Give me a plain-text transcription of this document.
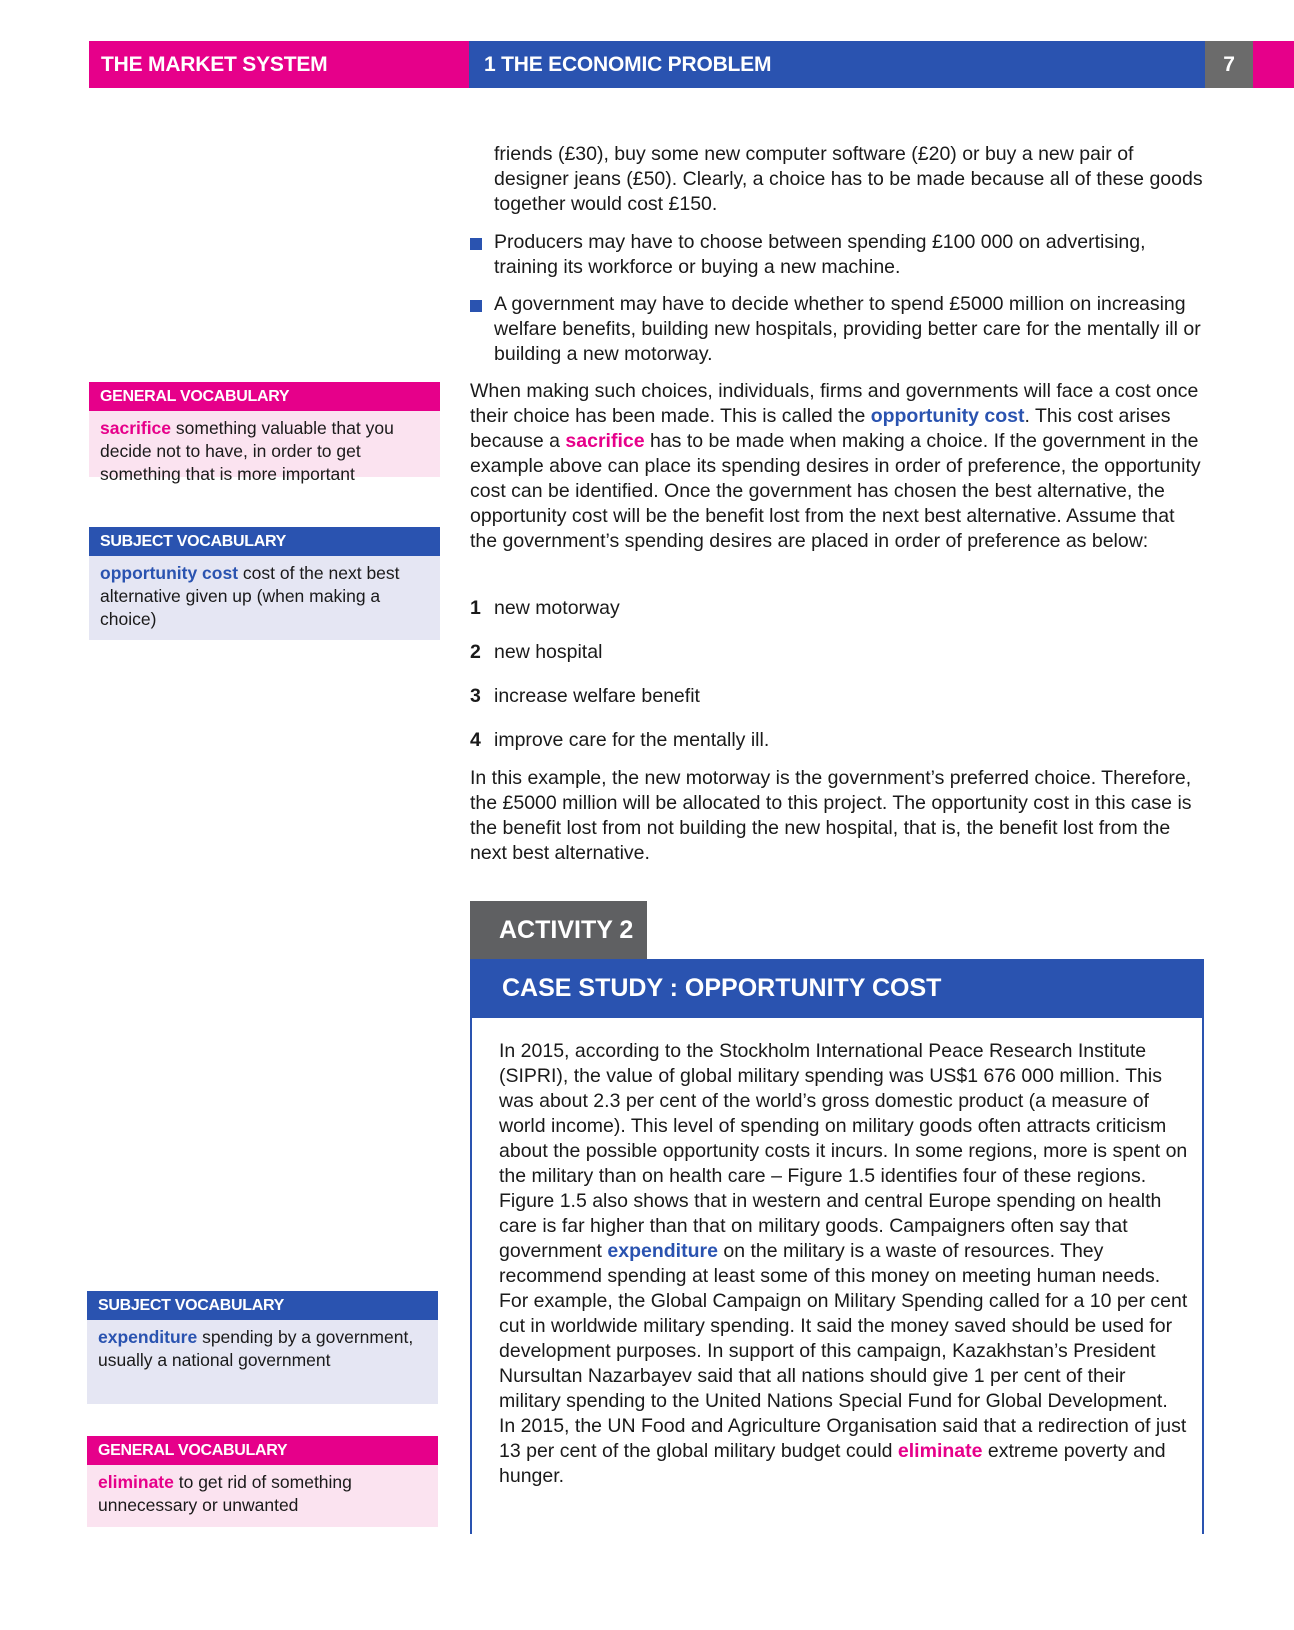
THE MARKET SYSTEM	1 THE ECONOMIC PROBLEM	7

friends (£30), buy some new computer software (£20) or buy a new pair of designer jeans (£50). Clearly, a choice has to be made because all of these goods together would cost £150.

Producers may have to choose between spending £100 000 on advertising, training its workforce or buying a new machine.
A government may have to decide whether to spend £5000 million on increasing welfare benefits, building new hospitals, providing better care for the mentally ill or building a new motorway.

When making such choices, individuals, firms and governments will face a cost once their choice has been made. This is called the opportunity cost. This cost arises because a sacrifice has to be made when making a choice. If the government in the example above can place its spending desires in order of preference, the opportunity cost can be identified. Once the government has chosen the best alternative, the opportunity cost will be the benefit lost from the next best alternative. Assume that the government’s spending desires are placed in order of preference as below:

1 new motorway
2 new hospital
3 increase welfare benefit
4 improve care for the mentally ill.

In this example, the new motorway is the government’s preferred choice. Therefore, the £5000 million will be allocated to this project. The opportunity cost in this case is the benefit lost from not building the new hospital, that is, the benefit lost from the next best alternative.

ACTIVITY 2
CASE STUDY : OPPORTUNITY COST
In 2015, according to the Stockholm International Peace Research Institute (SIPRI), the value of global military spending was US$1 676 000 million. This was about 2.3 per cent of the world’s gross domestic product (a measure of world income). This level of spending on military goods often attracts criticism about the possible opportunity costs it incurs. In some regions, more is spent on the military than on health care – Figure 1.5 identifies four of these regions. Figure 1.5 also shows that in western and central Europe spending on health care is far higher than that on military goods. Campaigners often say that government expenditure on the military is a waste of resources. They recommend spending at least some of this money on meeting human needs. For example, the Global Campaign on Military Spending called for a 10 per cent cut in worldwide military spending. It said the money saved should be used for development purposes. In support of this campaign, Kazakhstan’s President Nursultan Nazarbayev said that all nations should give 1 per cent of their military spending to the United Nations Special Fund for Global Development. In 2015, the UN Food and Agriculture Organisation said that a redirection of just 13 per cent of the global military budget could eliminate extreme poverty and hunger.
GENERAL VOCABULARY
sacrifice something valuable that you decide not to have, in order to get something that is more important
SUBJECT VOCABULARY
opportunity cost cost of the next best alternative given up (when making a choice)
SUBJECT VOCABULARY
expenditure spending by a government, usually a national government
GENERAL VOCABULARY
eliminate to get rid of something unnecessary or unwanted
